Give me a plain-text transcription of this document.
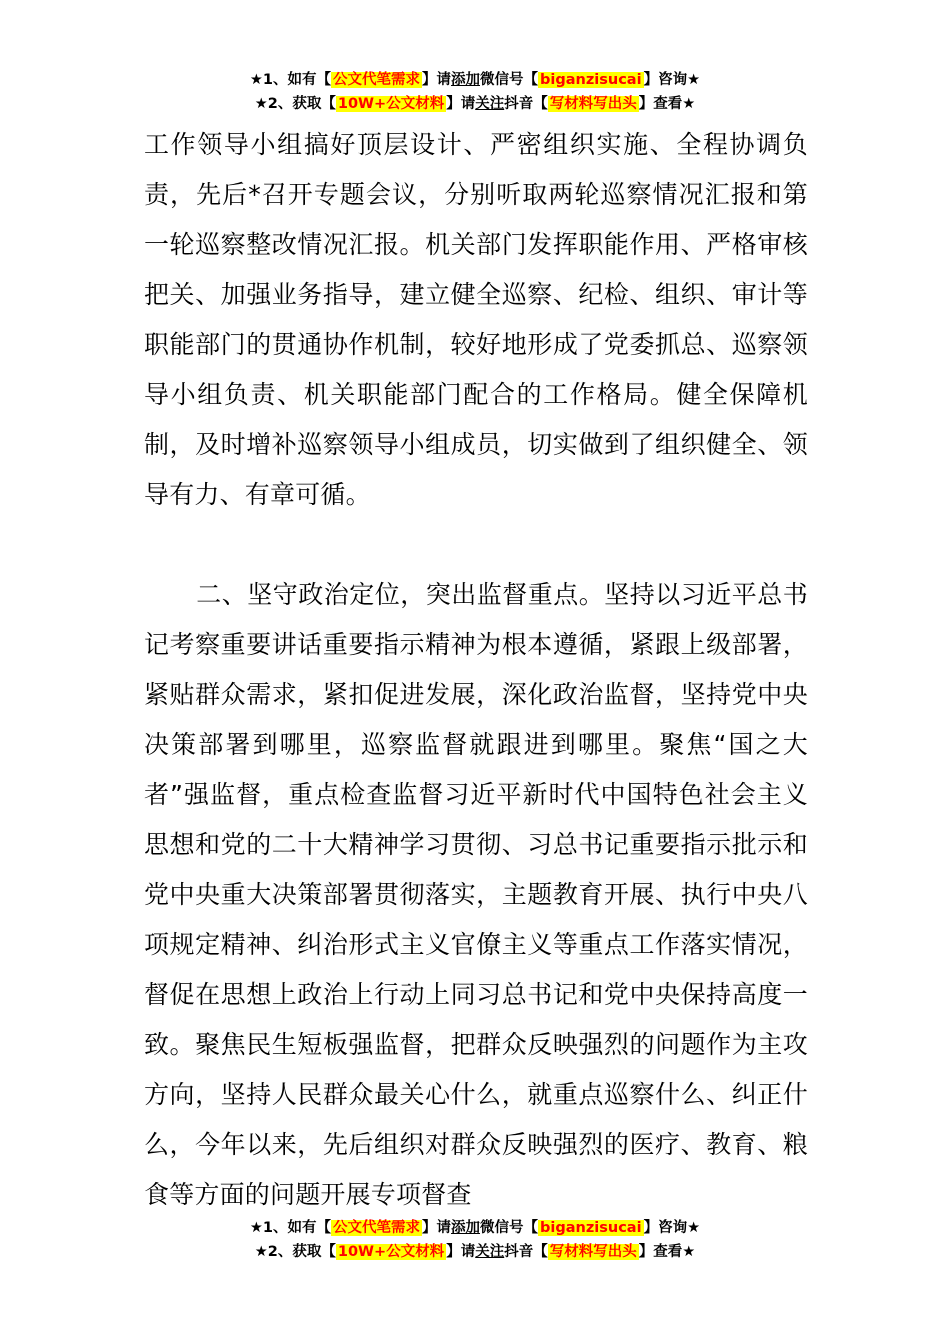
★1、如有【 公文代笔需求 】请添加微信号【 biganzisucai 】咨询★
★2、获取【 10W+公文材料 】请关注抖音【 写材料写出头 】查看★
工作领导小组搞好顶层设计、严密组织实施、全程协调负责，先后*召开专题会议，分别听取两轮巡察情况汇报和第一轮巡察整改情况汇报。机关部门发挥职能作用、严格审核把关、加强业务指导，建立健全巡察、纪检、组织、审计等职能部门的贯通协作机制，较好地形成了党委抓总、巡察领导小组负责、机关职能部门配合的工作格局。健全保障机制，及时增补巡察领导小组成员，切实做到了组织健全、领导有力、有章可循。
二、坚守政治定位，突出监督重点。坚持以习近平总书记考察重要讲话重要指示精神为根本遵循，紧跟上级部署，紧贴群众需求，紧扣促进发展，深化政治监督，坚持党中央决策部署到哪里，巡察监督就跟进到哪里。聚焦“国之大者”强监督，重点检查监督习近平新时代中国特色社会主义思想和党的二十大精神学习贯彻、习总书记重要指示批示和党中央重大决策部署贯彻落实，主题教育开展、执行中央八项规定精神、纠治形式主义官僚主义等重点工作落实情况，督促在思想上政治上行动上同习总书记和党中央保持高度一致。聚焦民生短板强监督，把群众反映强烈的问题作为主攻方向，坚持人民群众最关心什么，就重点巡察什么、纠正什么，今年以来，先后组织对群众反映强烈的医疗、教育、粮食等方面的问题开展专项督查
★1、如有【 公文代笔需求 】请添加微信号【 biganzisucai 】咨询★
★2、获取【 10W+公文材料 】请关注抖音【 写材料写出头 】查看★
